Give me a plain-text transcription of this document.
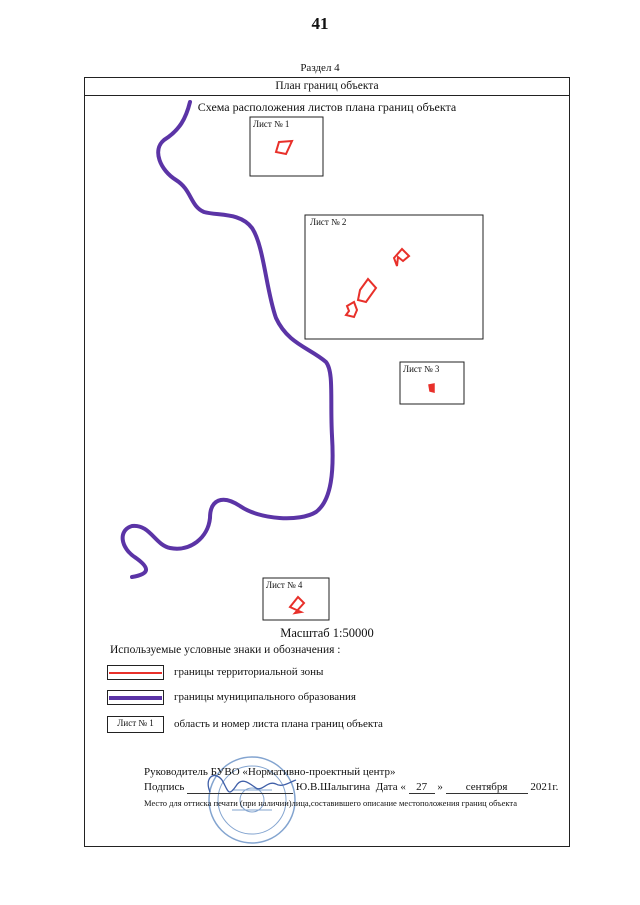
41
Раздел 4
План границ объекта
Схема расположения листов плана границ объекта
Лист № 1
Лист № 2
Лист № 3
Лист № 4
Масштаб 1:50000
Используемые условные знаки и обозначения :
границы территориальной зоны
границы муниципального образования
Лист № 1	область и номер листа плана границ объекта
Руководитель БУВО «Нормативно-проектный центр»
Подпись	Ю.В.Шалыгина Дата « 27 » сентября 2021г.
Место для оттиска печати (при наличии)лица,составившего описание местоположения границ объекта
